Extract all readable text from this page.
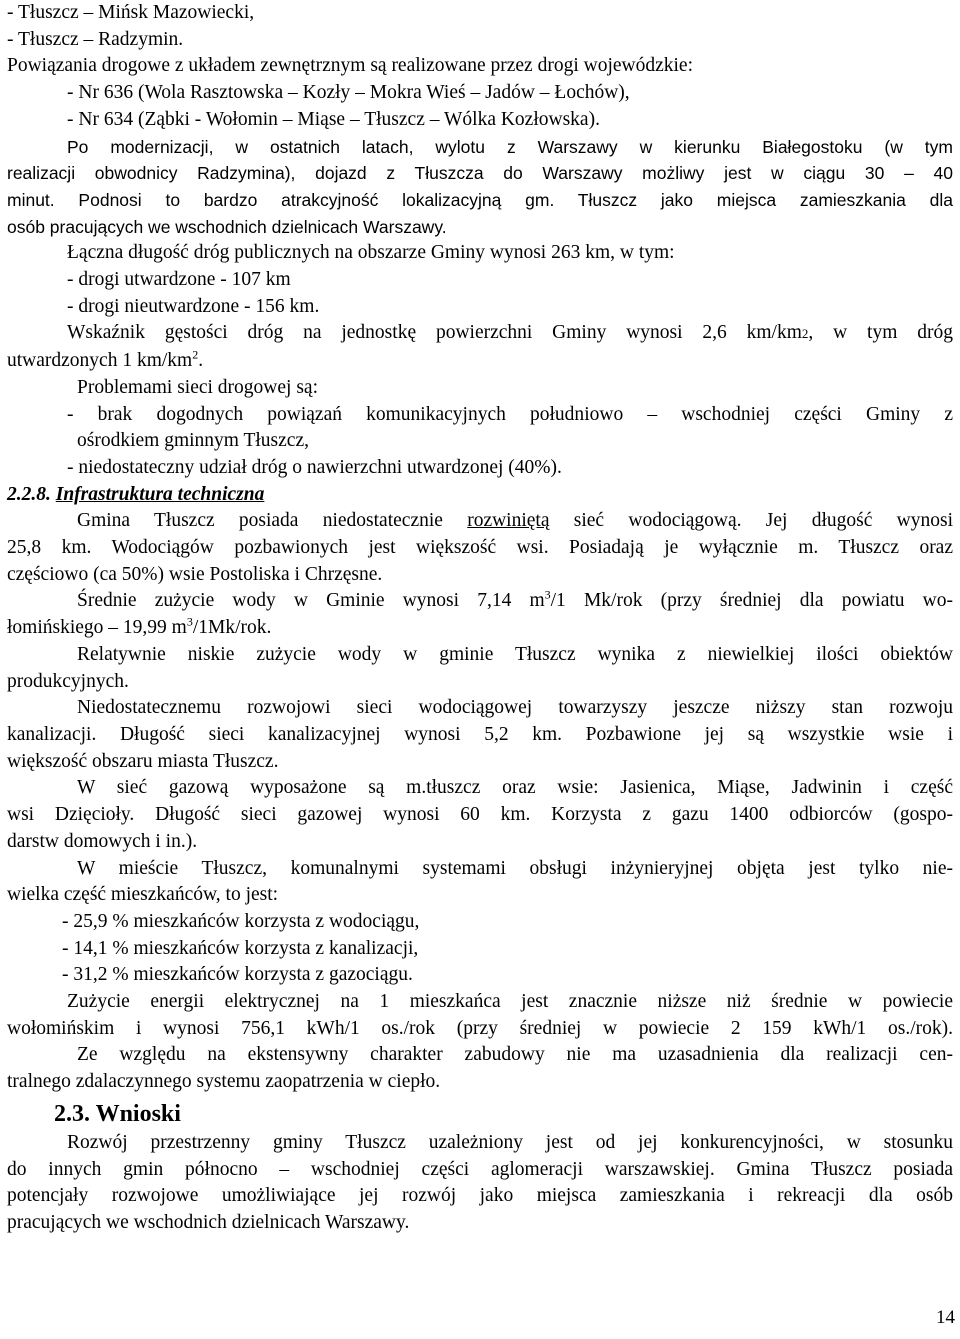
- Tłuszcz – Mińsk Mazowiecki,
- Tłuszcz – Radzymin.
Powiązania drogowe z układem zewnętrznym są realizowane przez drogi wojewódzkie:
- Nr 636 (Wola Rasztowska – Kozły – Mokra Wieś – Jadów – Łochów),
- Nr 634 (Ząbki - Wołomin – Miąse – Tłuszcz – Wólka Kozłowska).
Po modernizacji, w ostatnich latach, wylotu z Warszawy w kierunku Białegostoku (w tym
realizacji obwodnicy Radzymina), dojazd z Tłuszcza do Warszawy możliwy jest w ciągu 30 – 40
minut. Podnosi to bardzo atrakcyjność lokalizacyjną gm. Tłuszcz jako miejsca zamieszkania dla
osób pracujących we wschodnich dzielnicach Warszawy.
Łączna długość dróg publicznych na obszarze Gminy wynosi 263 km, w tym:
- drogi utwardzone - 107 km
- drogi nieutwardzone - 156 km.
Wskaźnik gęstości dróg na jednostkę powierzchni Gminy wynosi 2,6 km/km2, w tym dróg
utwardzonych 1 $km/km^2$.
Problemami sieci drogowej są:
- brak dogodnych powiązań komunikacyjnych południowo – wschodniej części Gminy z
ośrodkiem gminnym Tłuszcz,
- niedostateczny udział dróg o nawierzchni utwardzonej (40%).
2.2.8. Infrastruktura techniczna
Gmina Tłuszcz posiada niedostatecznie rozwiniętą sieć wodociągową. Jej długość wynosi
25,8 km. Wodociągów pozbawionych jest większość wsi. Posiadają je wyłącznie m. Tłuszcz oraz
częściowo (ca 50%) wsie Postoliska i Chrzęsne.
Średnie zużycie wody w Gminie wynosi 7,14 $m^3/1$ Mk/rok (przy średniej dla powiatu wo-
łomińskiego – 19,99 $m^3/1Mk$/rok.
Relatywnie niskie zużycie wody w gminie Tłuszcz wynika z niewielkiej ilości obiektów
produkcyjnych.
Niedostatecznemu rozwojowi sieci wodociągowej towarzyszy jeszcze niższy stan rozwoju
kanalizacji. Długość sieci kanalizacyjnej wynosi 5,2 km. Pozbawione jej są wszystkie wsie i
większość obszaru miasta Tłuszcz.
W sieć gazową wyposażone są m.tłuszcz oraz wsie: Jasienica, Miąse, Jadwinin i część
wsi Dzięcioły. Długość sieci gazowej wynosi 60 km. Korzysta z gazu 1400 odbiorców (gospo-
darstw domowych i in.).
W mieście Tłuszcz, komunalnymi systemami obsługi inżynieryjnej objęta jest tylko nie-
wielka część mieszkańców, to jest:
- 25,9 % mieszkańców korzysta z wodociągu,
- 14,1 % mieszkańców korzysta z kanalizacji,
- 31,2 % mieszkańców korzysta z gazociągu.
Zużycie energii elektrycznej na 1 mieszkańca jest znacznie niższe niż średnie w powiecie
wołomińskim i wynosi 756,1 kWh/1 os./rok (przy średniej w powiecie 2 159 kWh/1 os./rok).
Ze względu na ekstensywny charakter zabudowy nie ma uzasadnienia dla realizacji cen-
tralnego zdalaczynnego systemu zaopatrzenia w ciepło.
2.3. Wnioski
Rozwój przestrzenny gminy Tłuszcz uzależniony jest od jej konkurencyjności, w stosunku
do innych gmin północno – wschodniej części aglomeracji warszawskiej. Gmina Tłuszcz posiada
potencjały rozwojowe umożliwiające jej rozwój jako miejsca zamieszkania i rekreacji dla osób
pracujących we wschodnich dzielnicach Warszawy.
14
